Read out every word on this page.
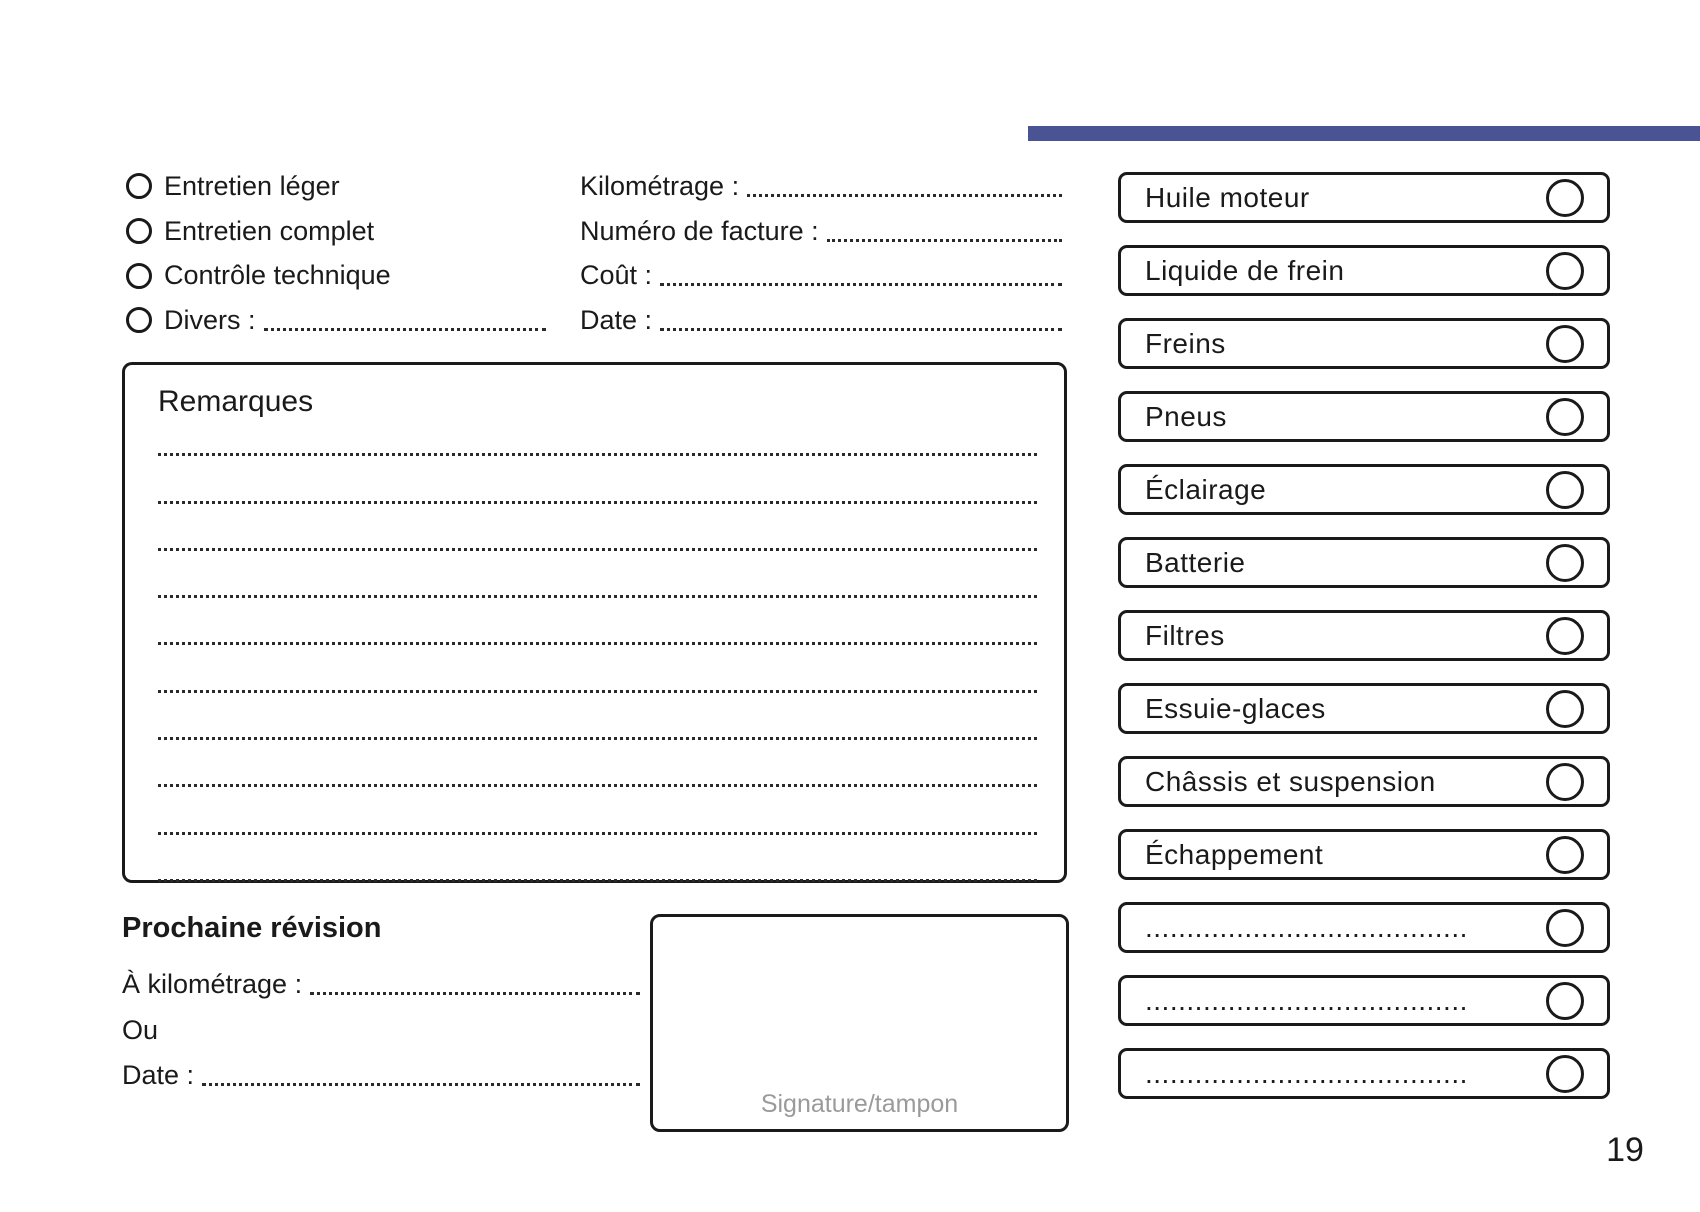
Entretien léger
Entretien complet
Contrôle technique
Divers :
Kilométrage :
Numéro de facture :
Coût :
Date :
Remarques
Prochaine révision
À kilométrage :
Ou
Date :
Signature/tampon
Huile moteur
Liquide de frein
Freins
Pneus
Éclairage
Batterie
Filtres
Essuie-glaces
Châssis et suspension
Échappement
.......................................
.......................................
.......................................
19
